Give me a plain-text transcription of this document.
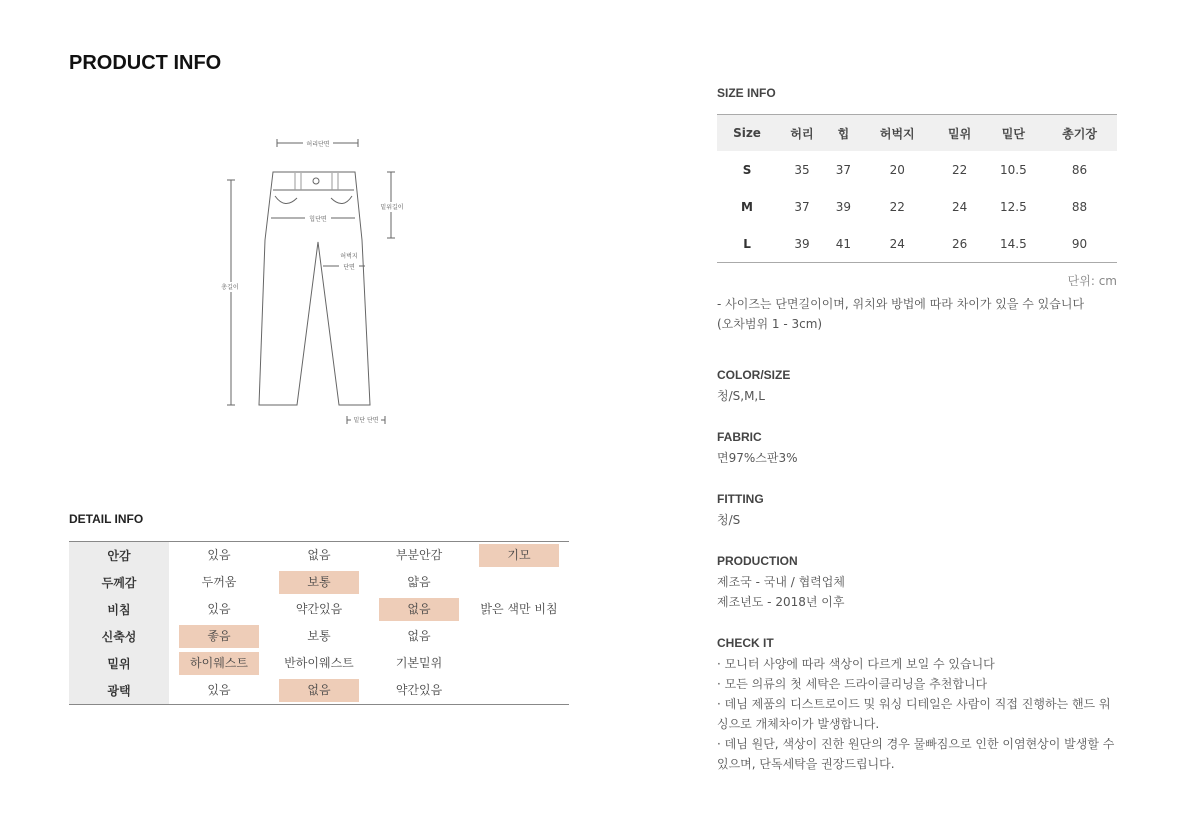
PRODUCT INFO
허리단면
밑위길이
힙단면
허벅지
단면
총길이
밑단 단면
DETAIL INFO
안감	있음	없음	부분안감	기모
두께감	두꺼움	보통	얇음	
비침	있음	약간있음	없음	밝은 색만 비침
신축성	좋음	보통	없음	
밑위	하이웨스트	반하이웨스트	기본밑위	
광택	있음	없음	약간있음	
SIZE INFO
Size	허리	힙	허벅지	밑위	밑단	총기장
S	35	37	20	22	10.5	86
M	37	39	22	24	12.5	88
L	39	41	24	26	14.5	90
단위: cm
- 사이즈는 단면길이이며, 위치와 방법에 따라 차이가 있을 수 있습니다
(오차범위 1 - 3cm)
COLOR/SIZE
청/S,M,L
FABRIC
면97%스판3%
FITTING
청/S
PRODUCTION
제조국 - 국내 / 협력업체
제조년도 - 2018년 이후
CHECK IT
· 모니터 사양에 따라 색상이 다르게 보일 수 있습니다
· 모든 의류의 첫 세탁은 드라이클리닝을 추천합니다
· 데님 제품의 디스트로이드 및 워싱 디테일은 사람이 직접 진행하는 핸드 워싱으로 개체차이가 발생합니다.
· 데님 원단, 색상이 진한 원단의 경우 물빠짐으로 인한 이염현상이 발생할 수 있으며, 단독세탁을 권장드립니다.
